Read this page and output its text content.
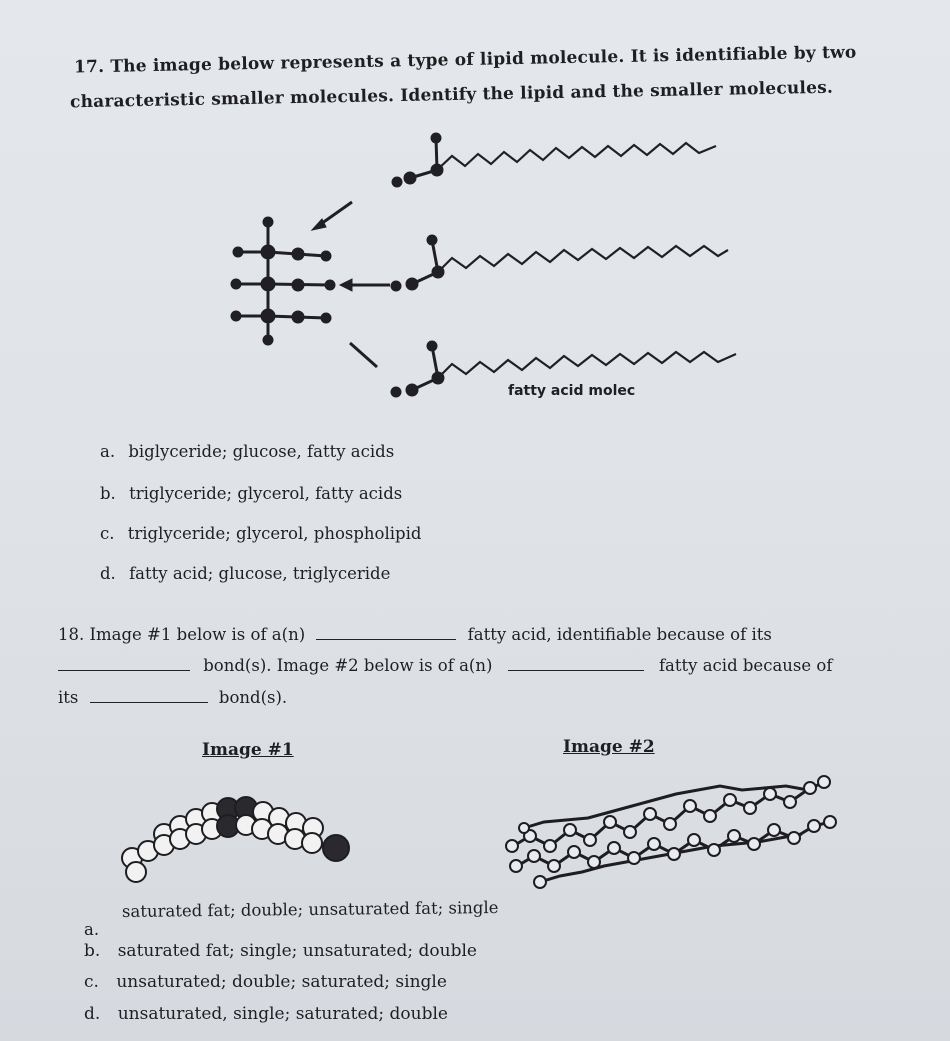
17. The image below represents a type of lipid molecule. It is identifiable by two
characteristic smaller molecules. Identify the lipid and the smaller molecules.
fatty acid molec
a. biglyceride; glucose, fatty acids
b. triglyceride; glycerol, fatty acids
c. triglyceride; glycerol, phospholipid
d. fatty acid; glucose, triglyceride
18. Image #1 below is of a(n)	fatty acid, identifiable because of its
bond(s). Image #2 below is of a(n)	fatty acid because of
its	bond(s).
Image #1	Image #2
a.
saturated fat; double; unsaturated fat; single
b. saturated fat; single; unsaturated; double
c. unsaturated; double; saturated; single
d. unsaturated, single; saturated; double
